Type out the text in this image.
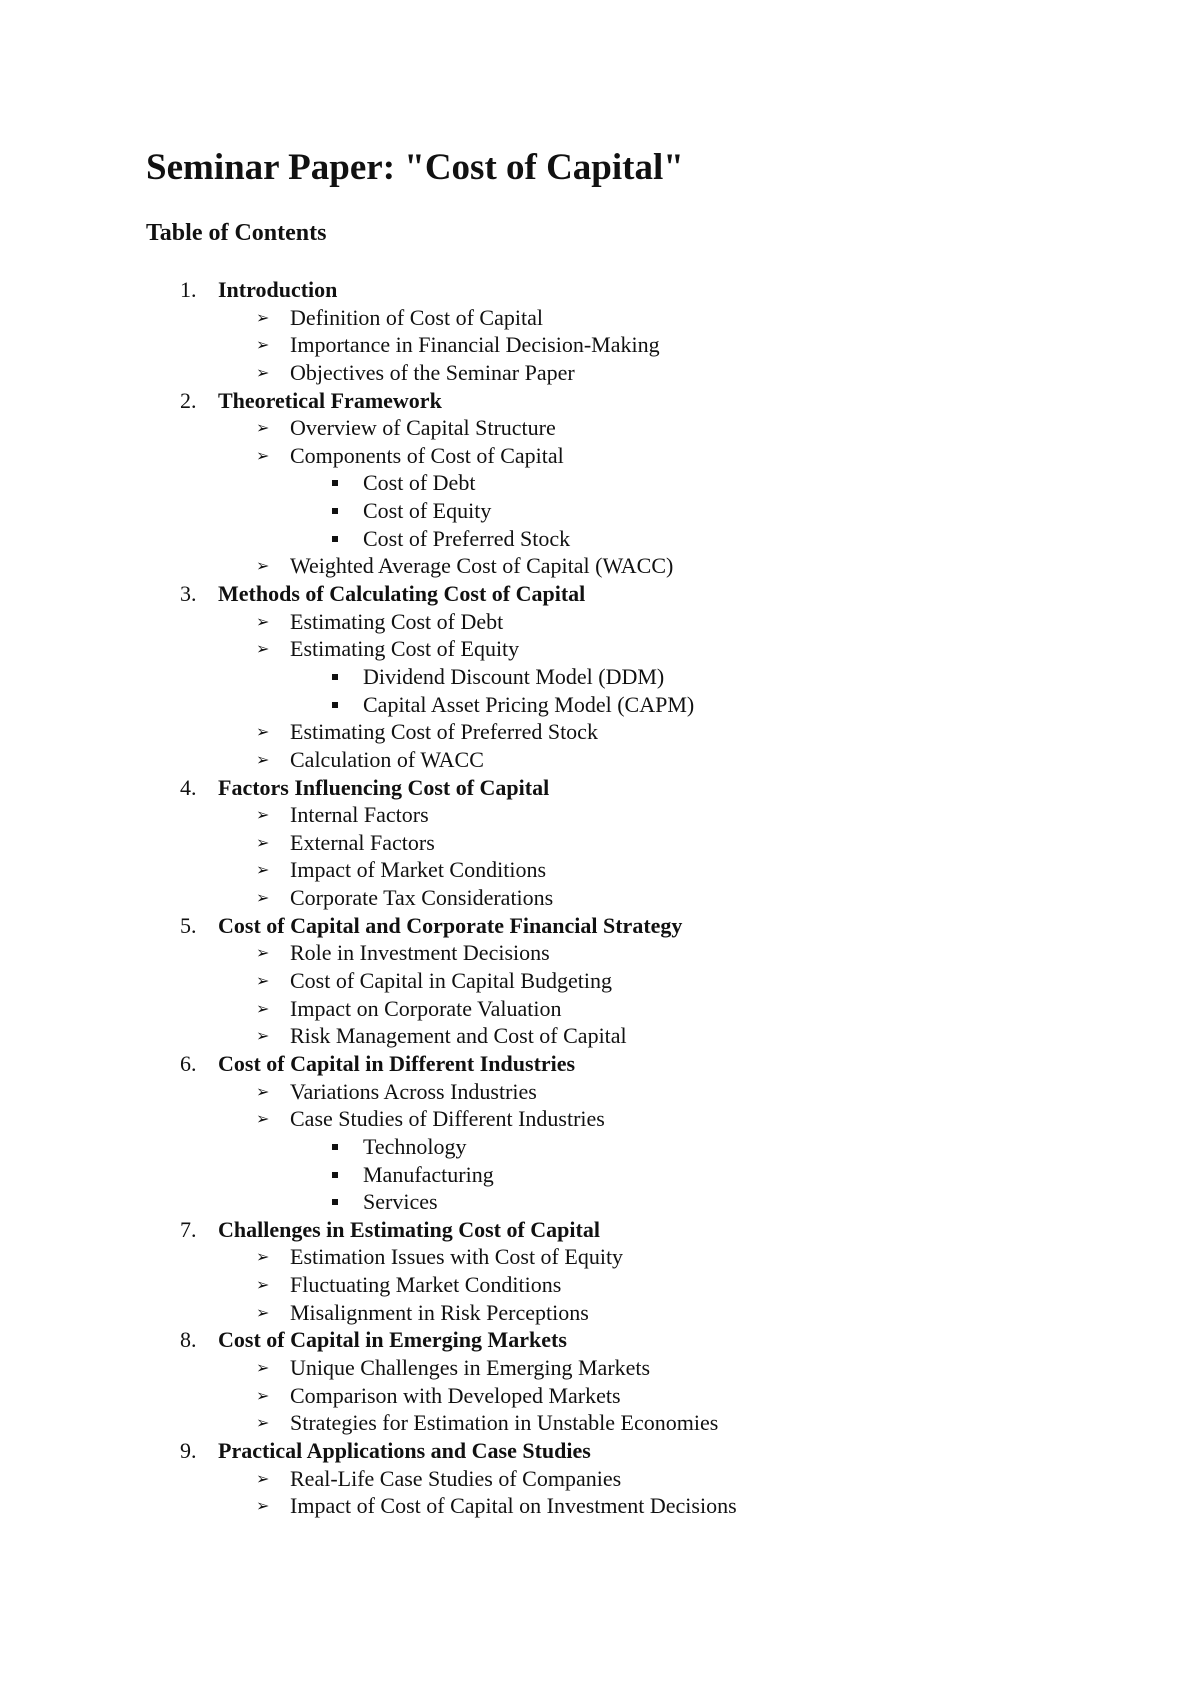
Seminar Paper: "Cost of Capital"
Table of Contents
1. Introduction
➢ Definition of Cost of Capital
➢ Importance in Financial Decision-Making
➢ Objectives of the Seminar Paper
2. Theoretical Framework
➢ Overview of Capital Structure
➢ Components of Cost of Capital
Cost of Debt
Cost of Equity
Cost of Preferred Stock
➢ Weighted Average Cost of Capital (WACC)
3. Methods of Calculating Cost of Capital
➢ Estimating Cost of Debt
➢ Estimating Cost of Equity
Dividend Discount Model (DDM)
Capital Asset Pricing Model (CAPM)
➢ Estimating Cost of Preferred Stock
➢ Calculation of WACC
4. Factors Influencing Cost of Capital
➢ Internal Factors
➢ External Factors
➢ Impact of Market Conditions
➢ Corporate Tax Considerations
5. Cost of Capital and Corporate Financial Strategy
➢ Role in Investment Decisions
➢ Cost of Capital in Capital Budgeting
➢ Impact on Corporate Valuation
➢ Risk Management and Cost of Capital
6. Cost of Capital in Different Industries
➢ Variations Across Industries
➢ Case Studies of Different Industries
Technology
Manufacturing
Services
7. Challenges in Estimating Cost of Capital
➢ Estimation Issues with Cost of Equity
➢ Fluctuating Market Conditions
➢ Misalignment in Risk Perceptions
8. Cost of Capital in Emerging Markets
➢ Unique Challenges in Emerging Markets
➢ Comparison with Developed Markets
➢ Strategies for Estimation in Unstable Economies
9. Practical Applications and Case Studies
➢ Real-Life Case Studies of Companies
➢ Impact of Cost of Capital on Investment Decisions
